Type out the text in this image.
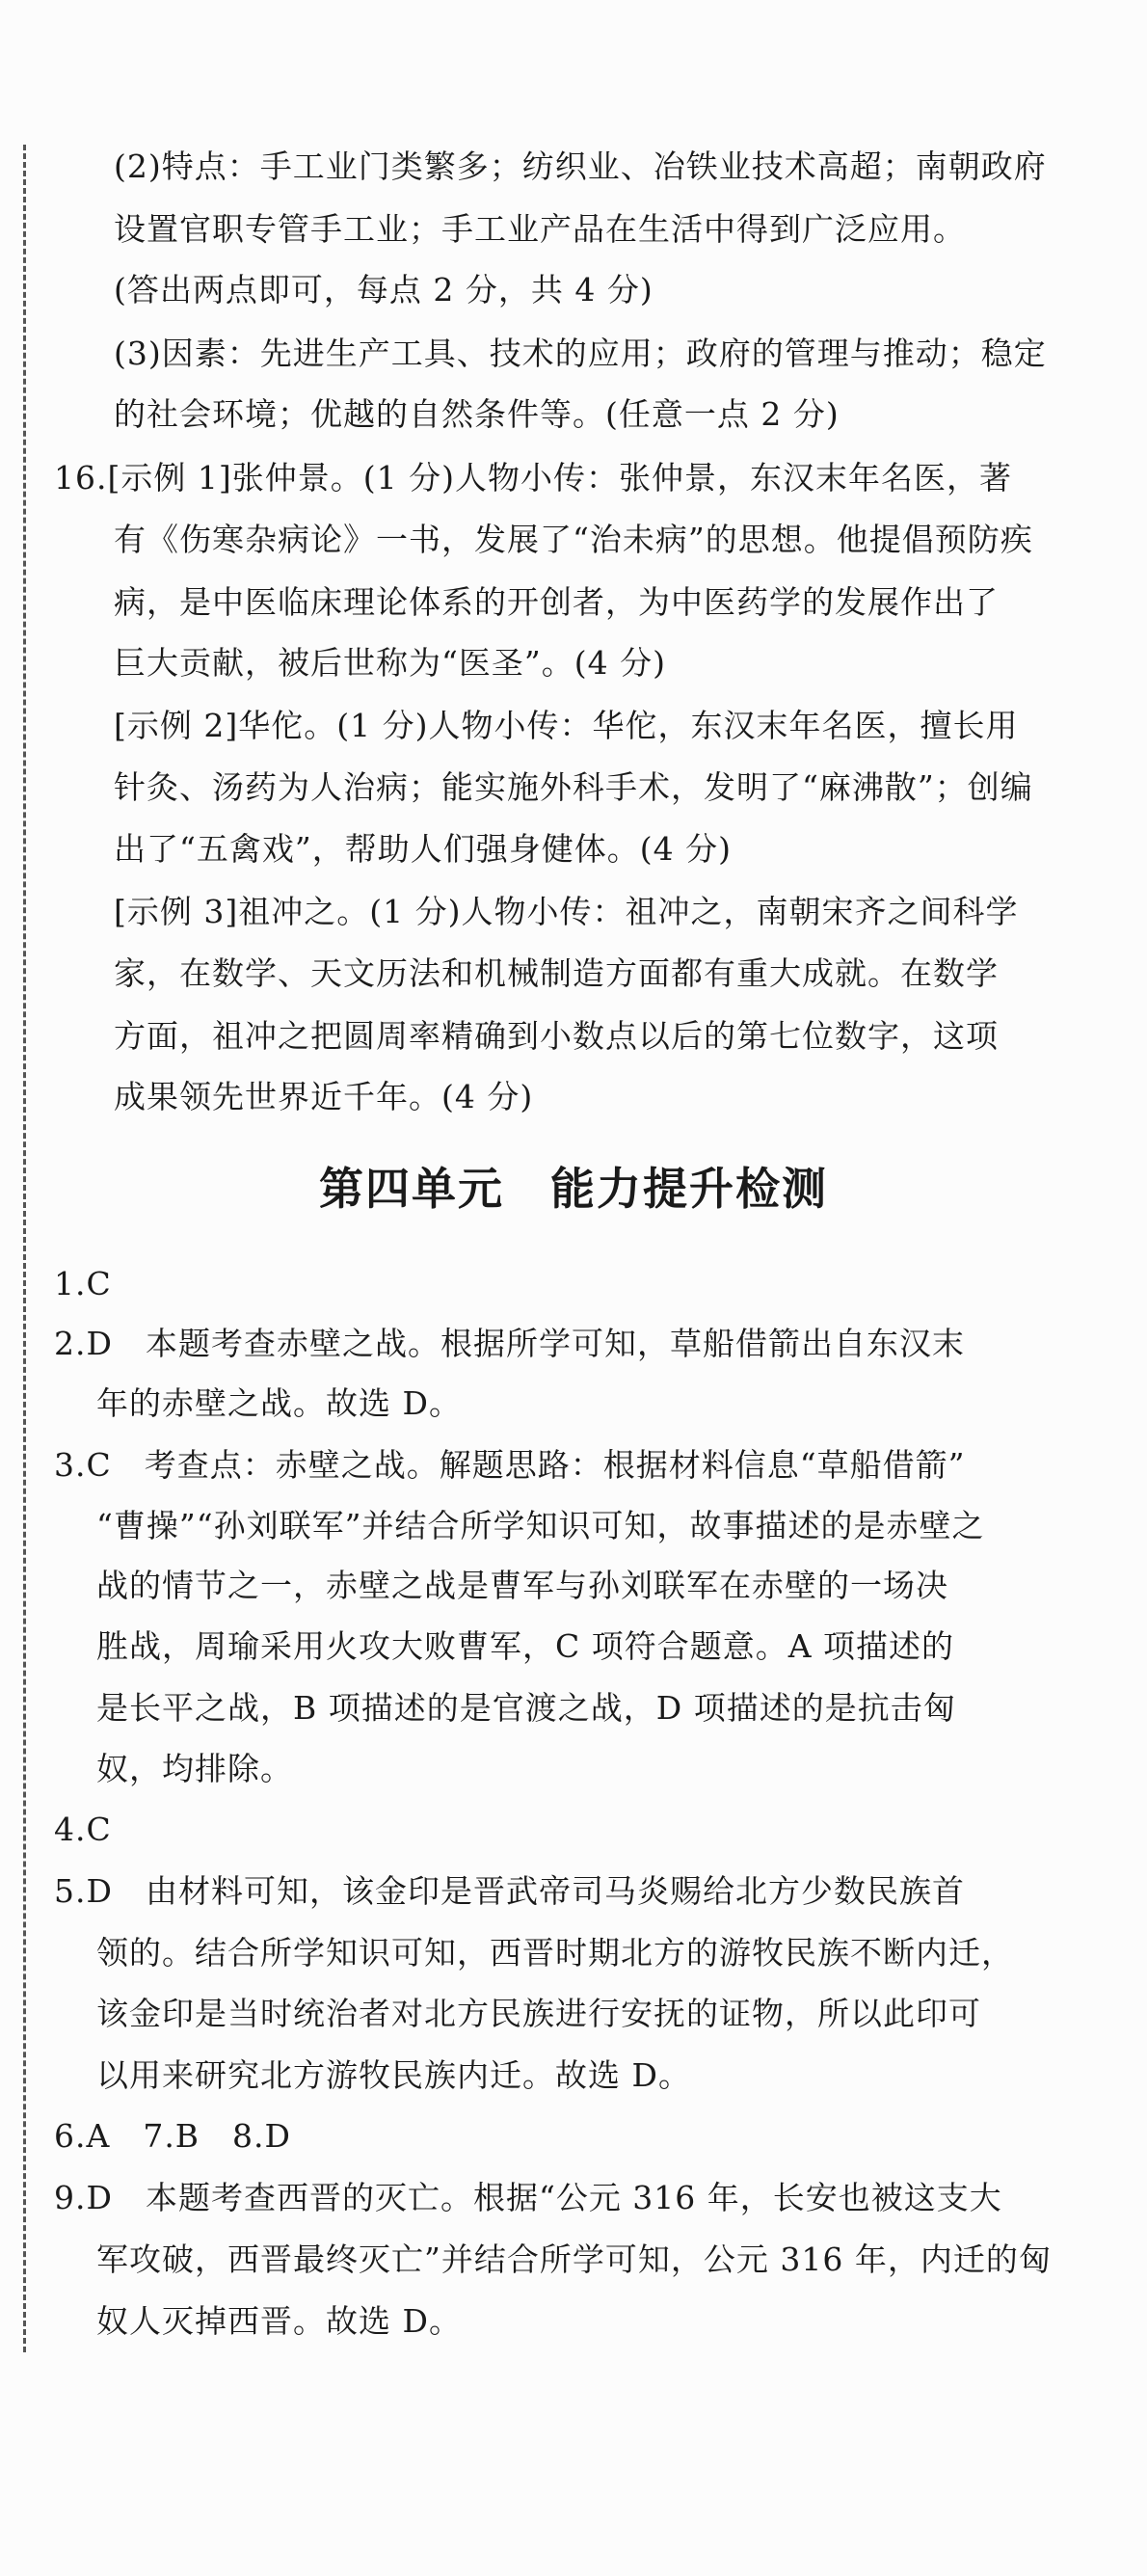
(2)特点：手工业门类繁多；纺织业、冶铁业技术高超；南朝政府
设置官职专管手工业；手工业产品在生活中得到广泛应用。
(答出两点即可，每点 2 分，共 4 分)
(3)因素：先进生产工具、技术的应用；政府的管理与推动；稳定
的社会环境；优越的自然条件等。(任意一点 2 分)
16.[示例 1]张仲景。(1 分)人物小传：张仲景，东汉末年名医，著
有《伤寒杂病论》一书，发展了“治未病”的思想。他提倡预防疾
病，是中医临床理论体系的开创者，为中医药学的发展作出了
巨大贡献，被后世称为“医圣”。(4 分)
[示例 2]华佗。(1 分)人物小传：华佗，东汉末年名医，擅长用
针灸、汤药为人治病；能实施外科手术，发明了“麻沸散”；创编
出了“五禽戏”，帮助人们强身健体。(4 分)
[示例 3]祖冲之。(1 分)人物小传：祖冲之，南朝宋齐之间科学
家，在数学、天文历法和机械制造方面都有重大成就。在数学
方面，祖冲之把圆周率精确到小数点以后的第七位数字，这项
成果领先世界近千年。(4 分)
第四单元　能力提升检测
1.C
2.D　本题考查赤壁之战。根据所学可知，草船借箭出自东汉末
年的赤壁之战。故选 D。
3.C　考查点：赤壁之战。解题思路：根据材料信息“草船借箭”
“曹操”“孙刘联军”并结合所学知识可知，故事描述的是赤壁之
战的情节之一，赤壁之战是曹军与孙刘联军在赤壁的一场决
胜战，周瑜采用火攻大败曹军，C 项符合题意。A 项描述的
是长平之战，B 项描述的是官渡之战，D 项描述的是抗击匈
奴，均排除。
4.C
5.D　由材料可知，该金印是晋武帝司马炎赐给北方少数民族首
领的。结合所学知识可知，西晋时期北方的游牧民族不断内迁，
该金印是当时统治者对北方民族进行安抚的证物，所以此印可
以用来研究北方游牧民族内迁。故选 D。
6.A　7.B　8.D
9.D　本题考查西晋的灭亡。根据“公元 316 年，长安也被这支大
军攻破，西晋最终灭亡”并结合所学可知，公元 316 年，内迁的匈
奴人灭掉西晋。故选 D。
